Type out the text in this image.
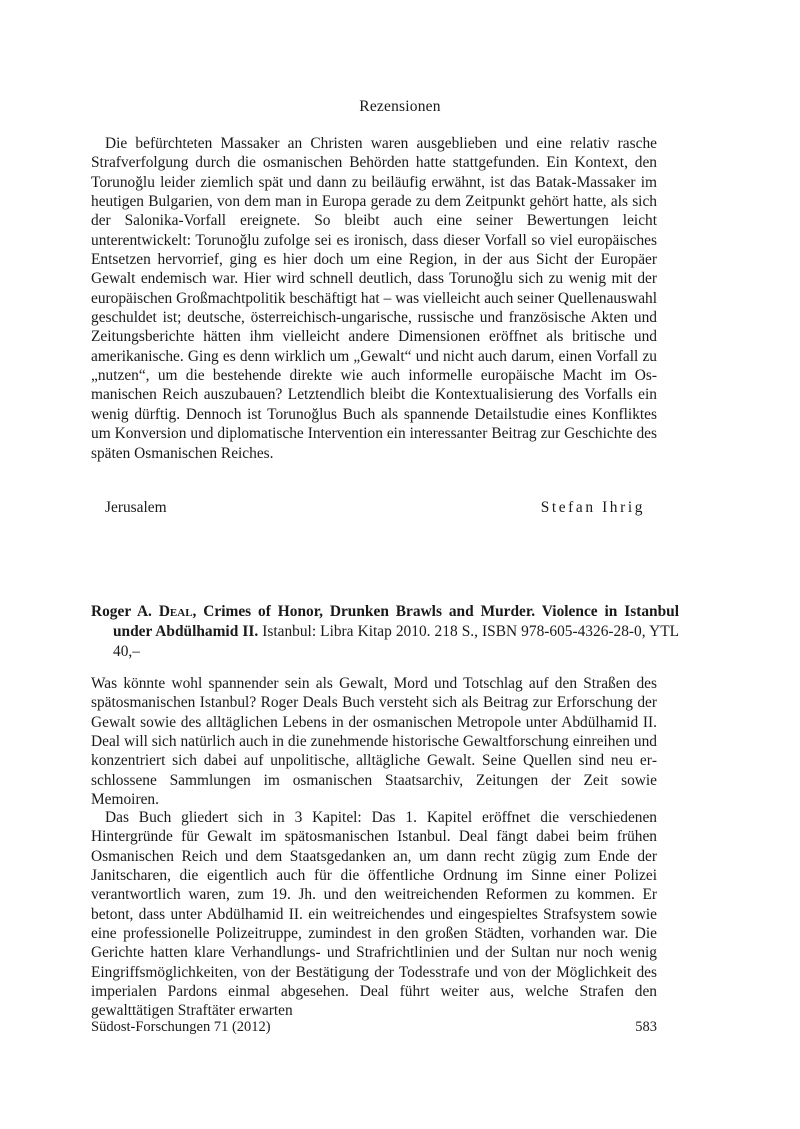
Rezensionen

Die befürchteten Massaker an Christen waren ausgeblieben und eine relativ rasche Strafverfolgung durch die osmanischen Behörden hatte stattgefunden. Ein Kontext, den Torunoğlu leider ziemlich spät und dann zu beiläufig erwähnt, ist das Batak-Massaker im heutigen Bulgarien, von dem man in Europa gerade zu dem Zeitpunkt gehört hatte, als sich der Salonika-Vorfall ereignete. So bleibt auch eine seiner Bewertungen leicht unterentwickelt: Torunoğlu zufolge sei es ironisch, dass dieser Vorfall so viel europäisches Entsetzen hervorrief, ging es hier doch um eine Region, in der aus Sicht der Europäer Gewalt endemisch war. Hier wird schnell deutlich, dass Torunoğlu sich zu wenig mit der europäischen Großmachtpolitik beschäftigt hat – was vielleicht auch seiner Quellenauswahl geschuldet ist; deutsche, österreichisch-ungarische, russische und französische Akten und Zeitungsberichte hätten ihm vielleicht andere Dimensionen eröffnet als britische und amerikanische. Ging es denn wirklich um „Gewalt“ und nicht auch darum, einen Vorfall zu „nutzen“, um die bestehende direkte wie auch informelle europäische Macht im Osmanischen Reich auszubauen? Letztendlich bleibt die Kontextualisierung des Vorfalls ein wenig dürftig. Dennoch ist Torunoğlus Buch als spannende Detailstudie eines Konfliktes um Konversion und diplomatische Intervention ein interessanter Beitrag zur Geschichte des späten Osmanischen Reiches.

Jerusalem	Stefan Ihrig

Roger A. Deal, Crimes of Honor, Drunken Brawls and Murder. Violence in Istanbul under Abdülhamid II. Istanbul: Libra Kitap 2010. 218 S., ISBN 978-605-4326-28-0, YTL 40,–

Was könnte wohl spannender sein als Gewalt, Mord und Totschlag auf den Straßen des spätosmanischen Istanbul? Roger Deals Buch versteht sich als Beitrag zur Erforschung der Gewalt sowie des alltäglichen Lebens in der osmanischen Metropole unter Abdülhamid II. Deal will sich natürlich auch in die zunehmende historische Gewaltforschung einreihen und konzentriert sich dabei auf unpolitische, alltägliche Gewalt. Seine Quellen sind neu erschlossene Sammlungen im osmanischen Staatsarchiv, Zeitungen der Zeit sowie Memoiren.

Das Buch gliedert sich in 3 Kapitel: Das 1. Kapitel eröffnet die verschiedenen Hintergründe für Gewalt im spätosmanischen Istanbul. Deal fängt dabei beim frühen Osmanischen Reich und dem Staatsgedanken an, um dann recht zügig zum Ende der Janitscharen, die eigentlich auch für die öffentliche Ordnung im Sinne einer Polizei verantwortlich waren, zum 19. Jh. und den weitreichenden Reformen zu kommen. Er betont, dass unter Abdülhamid II. ein weitreichendes und eingespieltes Strafsystem sowie eine professionelle Polizeitruppe, zumindest in den großen Städten, vorhanden war. Die Gerichte hatten klare Verhandlungs- und Strafrichtlinien und der Sultan nur noch wenig Eingriffsmöglichkeiten, von der Bestätigung der Todesstrafe und von der Möglichkeit des imperialen Pardons einmal abgesehen. Deal führt weiter aus, welche Strafen den gewalttätigen Straftäter erwarten

Südost-Forschungen 71 (2012)	583
